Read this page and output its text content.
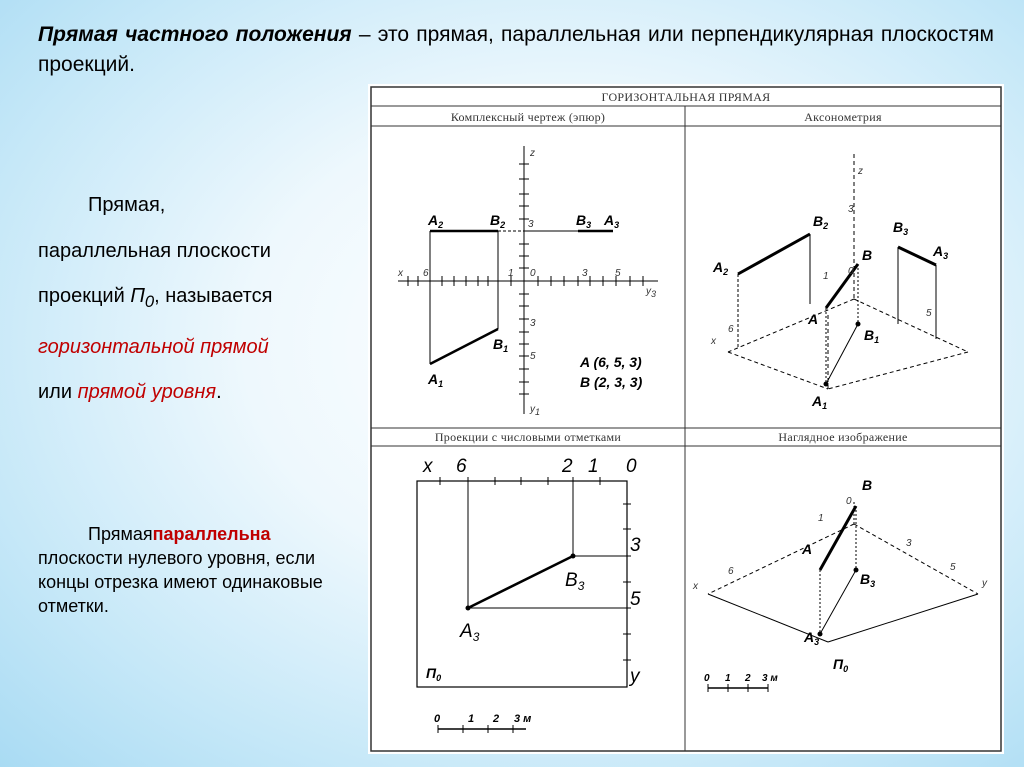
Прямая частного положения – это прямая, параллельная или перпендикулярная плоскостям проекций.

Прямая,
параллельная плоскости проекций $П_0$, называется горизонтальной прямой
или прямой уровня.
Прямаяпараллельна плоскости нулевого уровня, если концы отрезка имеют одинаковые отметки.
ГОРИЗОНТАЛЬНАЯ ПРЯМАЯ
Комплексный чертеж (эпюр)	Аксонометрия
Проекции с числовыми отметками	Наглядное изображение
x
z
y1
y3
6	1 0	3	5
3
3
5
$A_2$	$B_2$	$B_3$ $A_3$
$B_1$
$A_1$
A (6, 5, 3)
B (2, 3, 3)
z
x
3
1 0
6
5
$A_2$
$B_2$	$B_3$
$A_3$
B
A
$B_1$
$A_1$
x
y
6	2 1 0
3
5
$B_3$
$A_3$
$П_0$
0	1 2 3 м
x	y
0
1
3
6	5
B
A
$B_3$
$A_3$
$П_0$
0 1 2 3 м
